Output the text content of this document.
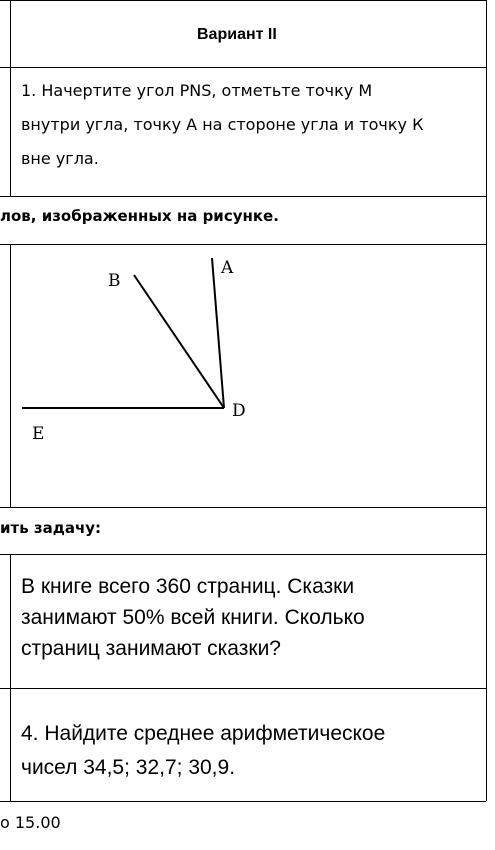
Вариант II
1. Начертите угол PNS, отметьте точку М
внутри угла, точку А на стороне угла и точку К
вне угла.
лов, изображенных на рисунке.
B
A
D
E
ить задачу:
В книге всего 360 страниц. Сказки
занимают 50% всей книги. Сколько
страниц занимают сказки?
4. Найдите среднее арифметическое
чисел 34,5; 32,7; 30,9.
о 15.00
